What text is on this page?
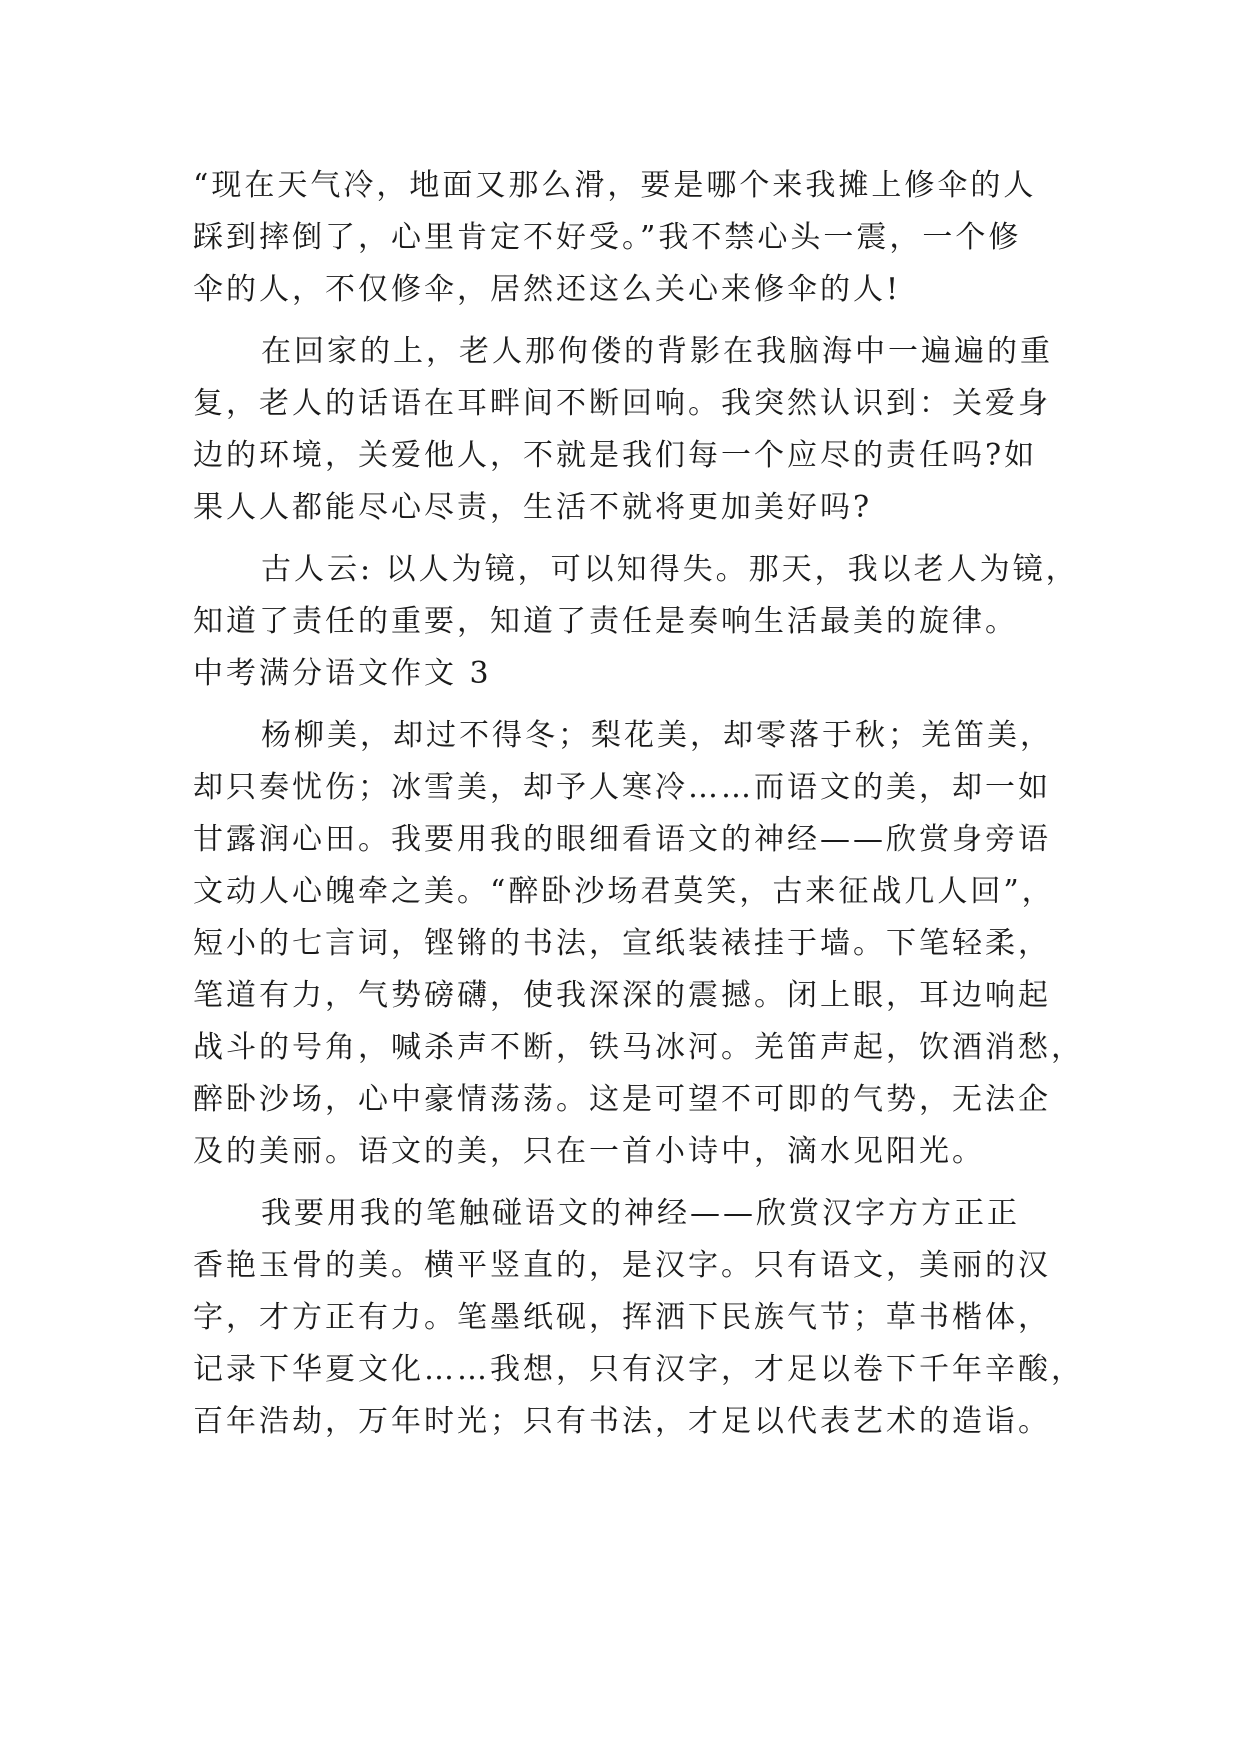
“现在天气冷，地面又那么滑，要是哪个来我摊上修伞的人
踩到摔倒了，心里肯定不好受。”我不禁心头一震，一个修
伞的人，不仅修伞，居然还这么关心来修伞的人!
在回家的上，老人那佝偻的背影在我脑海中一遍遍的重
复，老人的话语在耳畔间不断回响。我突然认识到：关爱身
边的环境，关爱他人，不就是我们每一个应尽的责任吗?如
果人人都能尽心尽责，生活不就将更加美好吗?
古人云: 以人为镜，可以知得失。那天，我以老人为镜，
知道了责任的重要，知道了责任是奏响生活最美的旋律。
中考满分语文作文 3
杨柳美，却过不得冬；梨花美，却零落于秋；羌笛美，
却只奏忧伤；冰雪美，却予人寒冷……而语文的美，却一如
甘露润心田。我要用我的眼细看语文的神经——欣赏身旁语
文动人心魄牵之美。“醉卧沙场君莫笑，古来征战几人回”，
短小的七言词，铿锵的书法，宣纸装裱挂于墙。下笔轻柔，
笔道有力，气势磅礴，使我深深的震撼。闭上眼，耳边响起
战斗的号角，喊杀声不断，铁马冰河。羌笛声起，饮酒消愁，
醉卧沙场，心中豪情荡荡。这是可望不可即的气势，无法企
及的美丽。语文的美，只在一首小诗中，滴水见阳光。
我要用我的笔触碰语文的神经——欣赏汉字方方正正
香艳玉骨的美。横平竖直的，是汉字。只有语文，美丽的汉
字，才方正有力。笔墨纸砚，挥洒下民族气节；草书楷体，
记录下华夏文化……我想，只有汉字，才足以卷下千年辛酸，
百年浩劫，万年时光；只有书法，才足以代表艺术的造诣。
